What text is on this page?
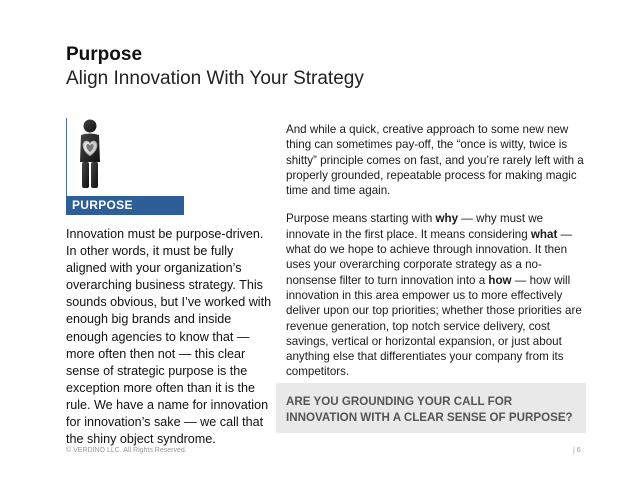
Purpose
Align Innovation With Your Strategy
PURPOSE
Innovation must be purpose-driven. In other words, it must be fully aligned with your organization’s overarching business strategy. This sounds obvious, but I’ve worked with enough big brands and inside enough agencies to know that — more often then not — this clear sense of strategic purpose is the exception more often than it is the rule. We have a name for innovation for innovation’s sake — we call that the shiny object syndrome.

And while a quick, creative approach to some new new thing can sometimes pay-off, the “once is witty, twice is shitty” principle comes on fast, and you’re rarely left with a properly grounded, repeatable process for making magic time and time again.

Purpose means starting with why — why must we innovate in the first place. It means considering what — what do we hope to achieve through innovation. It then uses your overarching corporate strategy as a no-nonsense filter to turn innovation into a how — how will innovation in this area empower us to more effectively deliver upon our top priorities; whether those priorities are revenue generation, top notch service delivery, cost savings, vertical or horizontal expansion, or just about anything else that differentiates your company from its competitors.

ARE YOU GROUNDING YOUR CALL FOR INNOVATION WITH A CLEAR SENSE OF PURPOSE?
© VERDINO LLC. All Rights Reserved.	| 6
